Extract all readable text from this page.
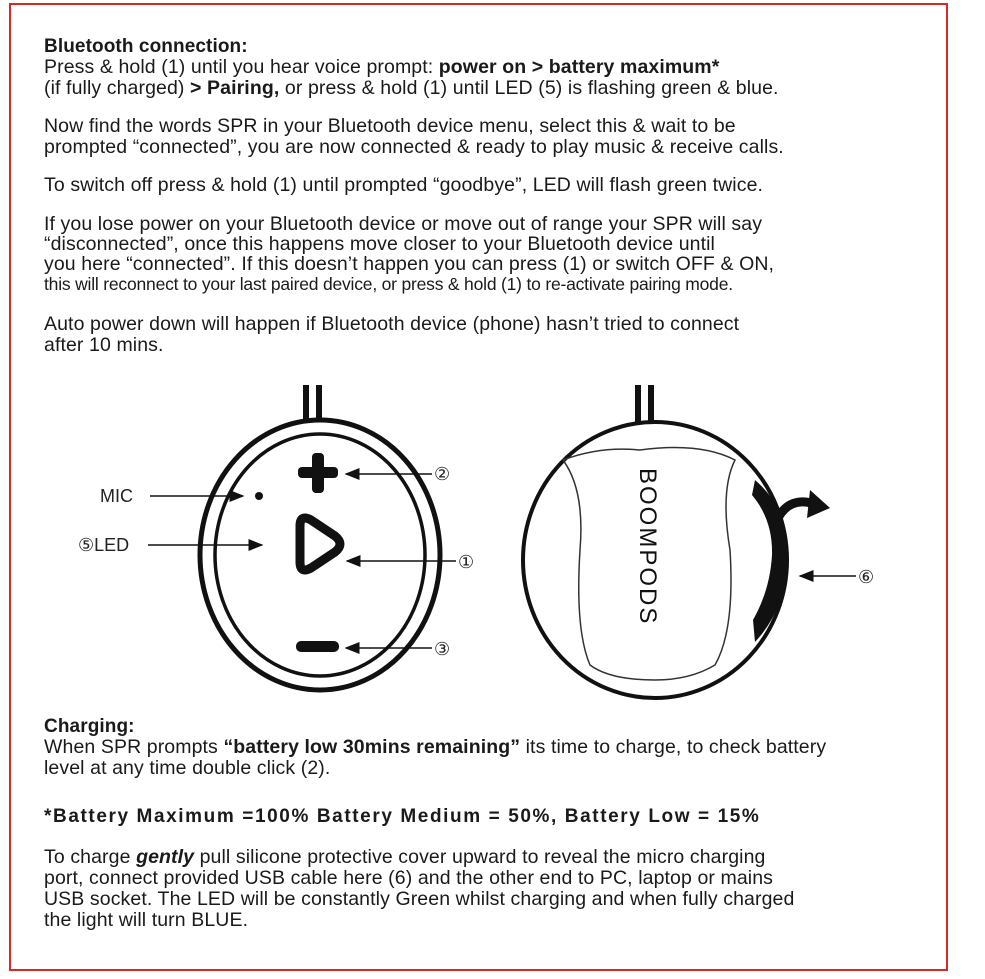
Bluetooth connection:
Press & hold (1) until you hear voice prompt: power on > battery maximum*
(if fully charged) > Pairing, or press & hold (1) until LED (5) is flashing green & blue.
Now find the words SPR in your Bluetooth device menu, select this & wait to be
prompted “connected”, you are now connected & ready to play music & receive calls.
To switch off press & hold (1) until prompted “goodbye”, LED will flash green twice.
If you lose power on your Bluetooth device or move out of range your SPR will say
“disconnected”, once this happens move closer to your Bluetooth device until
you here “connected”. If this doesn’t happen you can press (1) or switch OFF & ON,
this will reconnect to your last paired device, or press & hold (1) to re-activate pairing mode.
Auto power down will happen if Bluetooth device (phone) hasn’t tried to connect
after 10 mins.
MIC
⑤LED
②
①
③
⑥
BOOMPODS
Charging:
When SPR prompts “battery low 30mins remaining” its time to charge, to check battery
level at any time double click (2).
*Battery Maximum =100% Battery Medium = 50%, Battery Low = 15%
To charge gently pull silicone protective cover upward to reveal the micro charging
port, connect provided USB cable here (6) and the other end to PC, laptop or mains
USB socket. The LED will be constantly Green whilst charging and when fully charged
the light will turn BLUE.
